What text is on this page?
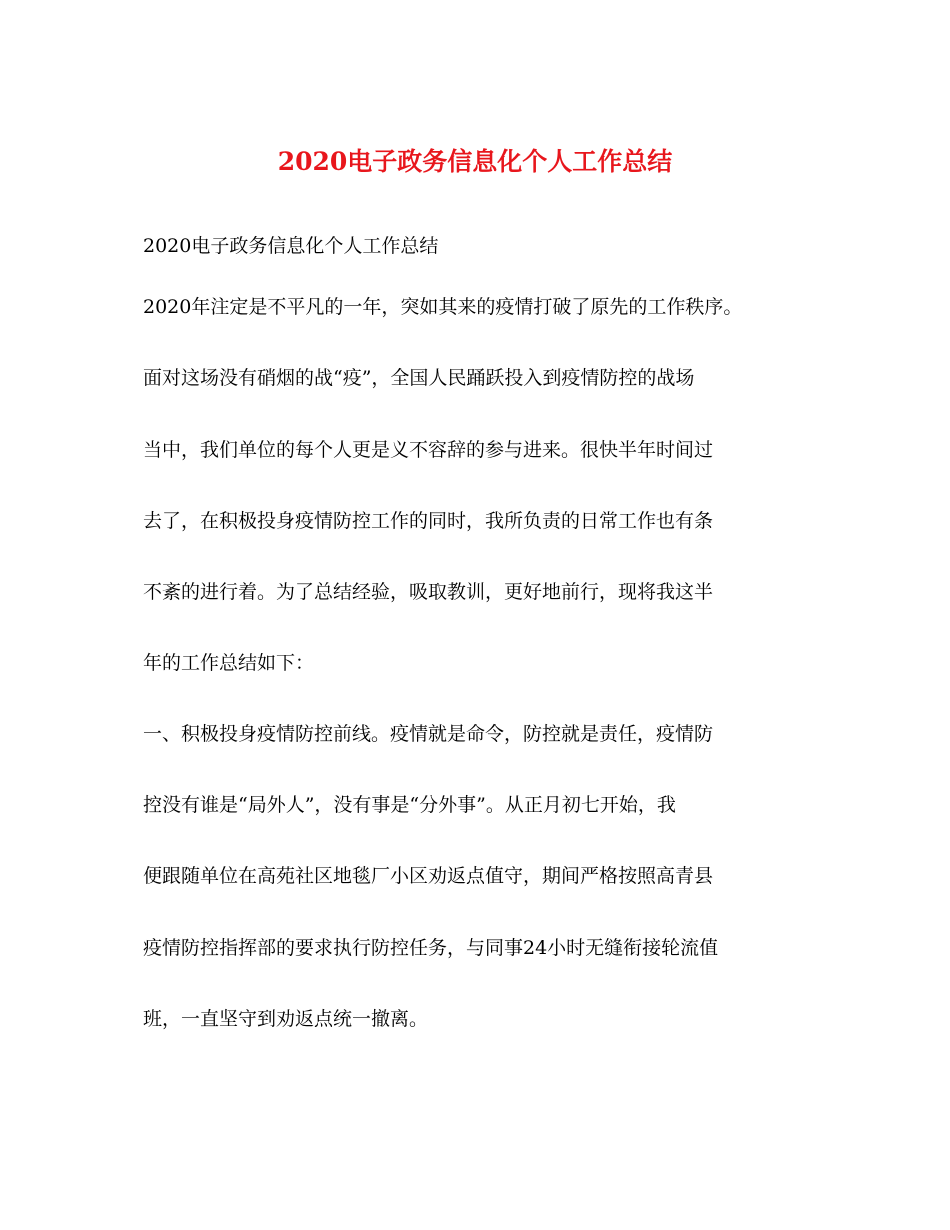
2020电子政务信息化个人工作总结

2020电子政务信息化个人工作总结

2020年注定是不平凡的一年，突如其来的疫情打破了原先的工作秩序。

面对这场没有硝烟的战“疫”，全国人民踊跃投入到疫情防控的战场

当中，我们单位的每个人更是义不容辞的参与进来。很快半年时间过

去了，在积极投身疫情防控工作的同时，我所负责的日常工作也有条

不紊的进行着。为了总结经验，吸取教训，更好地前行，现将我这半

年的工作总结如下：

一、积极投身疫情防控前线。疫情就是命令，防控就是责任，疫情防

控没有谁是“局外人”，没有事是“分外事”。从正月初七开始，我

便跟随单位在高苑社区地毯厂小区劝返点值守，期间严格按照高青县

疫情防控指挥部的要求执行防控任务，与同事24小时无缝衔接轮流值

班，一直坚守到劝返点统一撤离。
